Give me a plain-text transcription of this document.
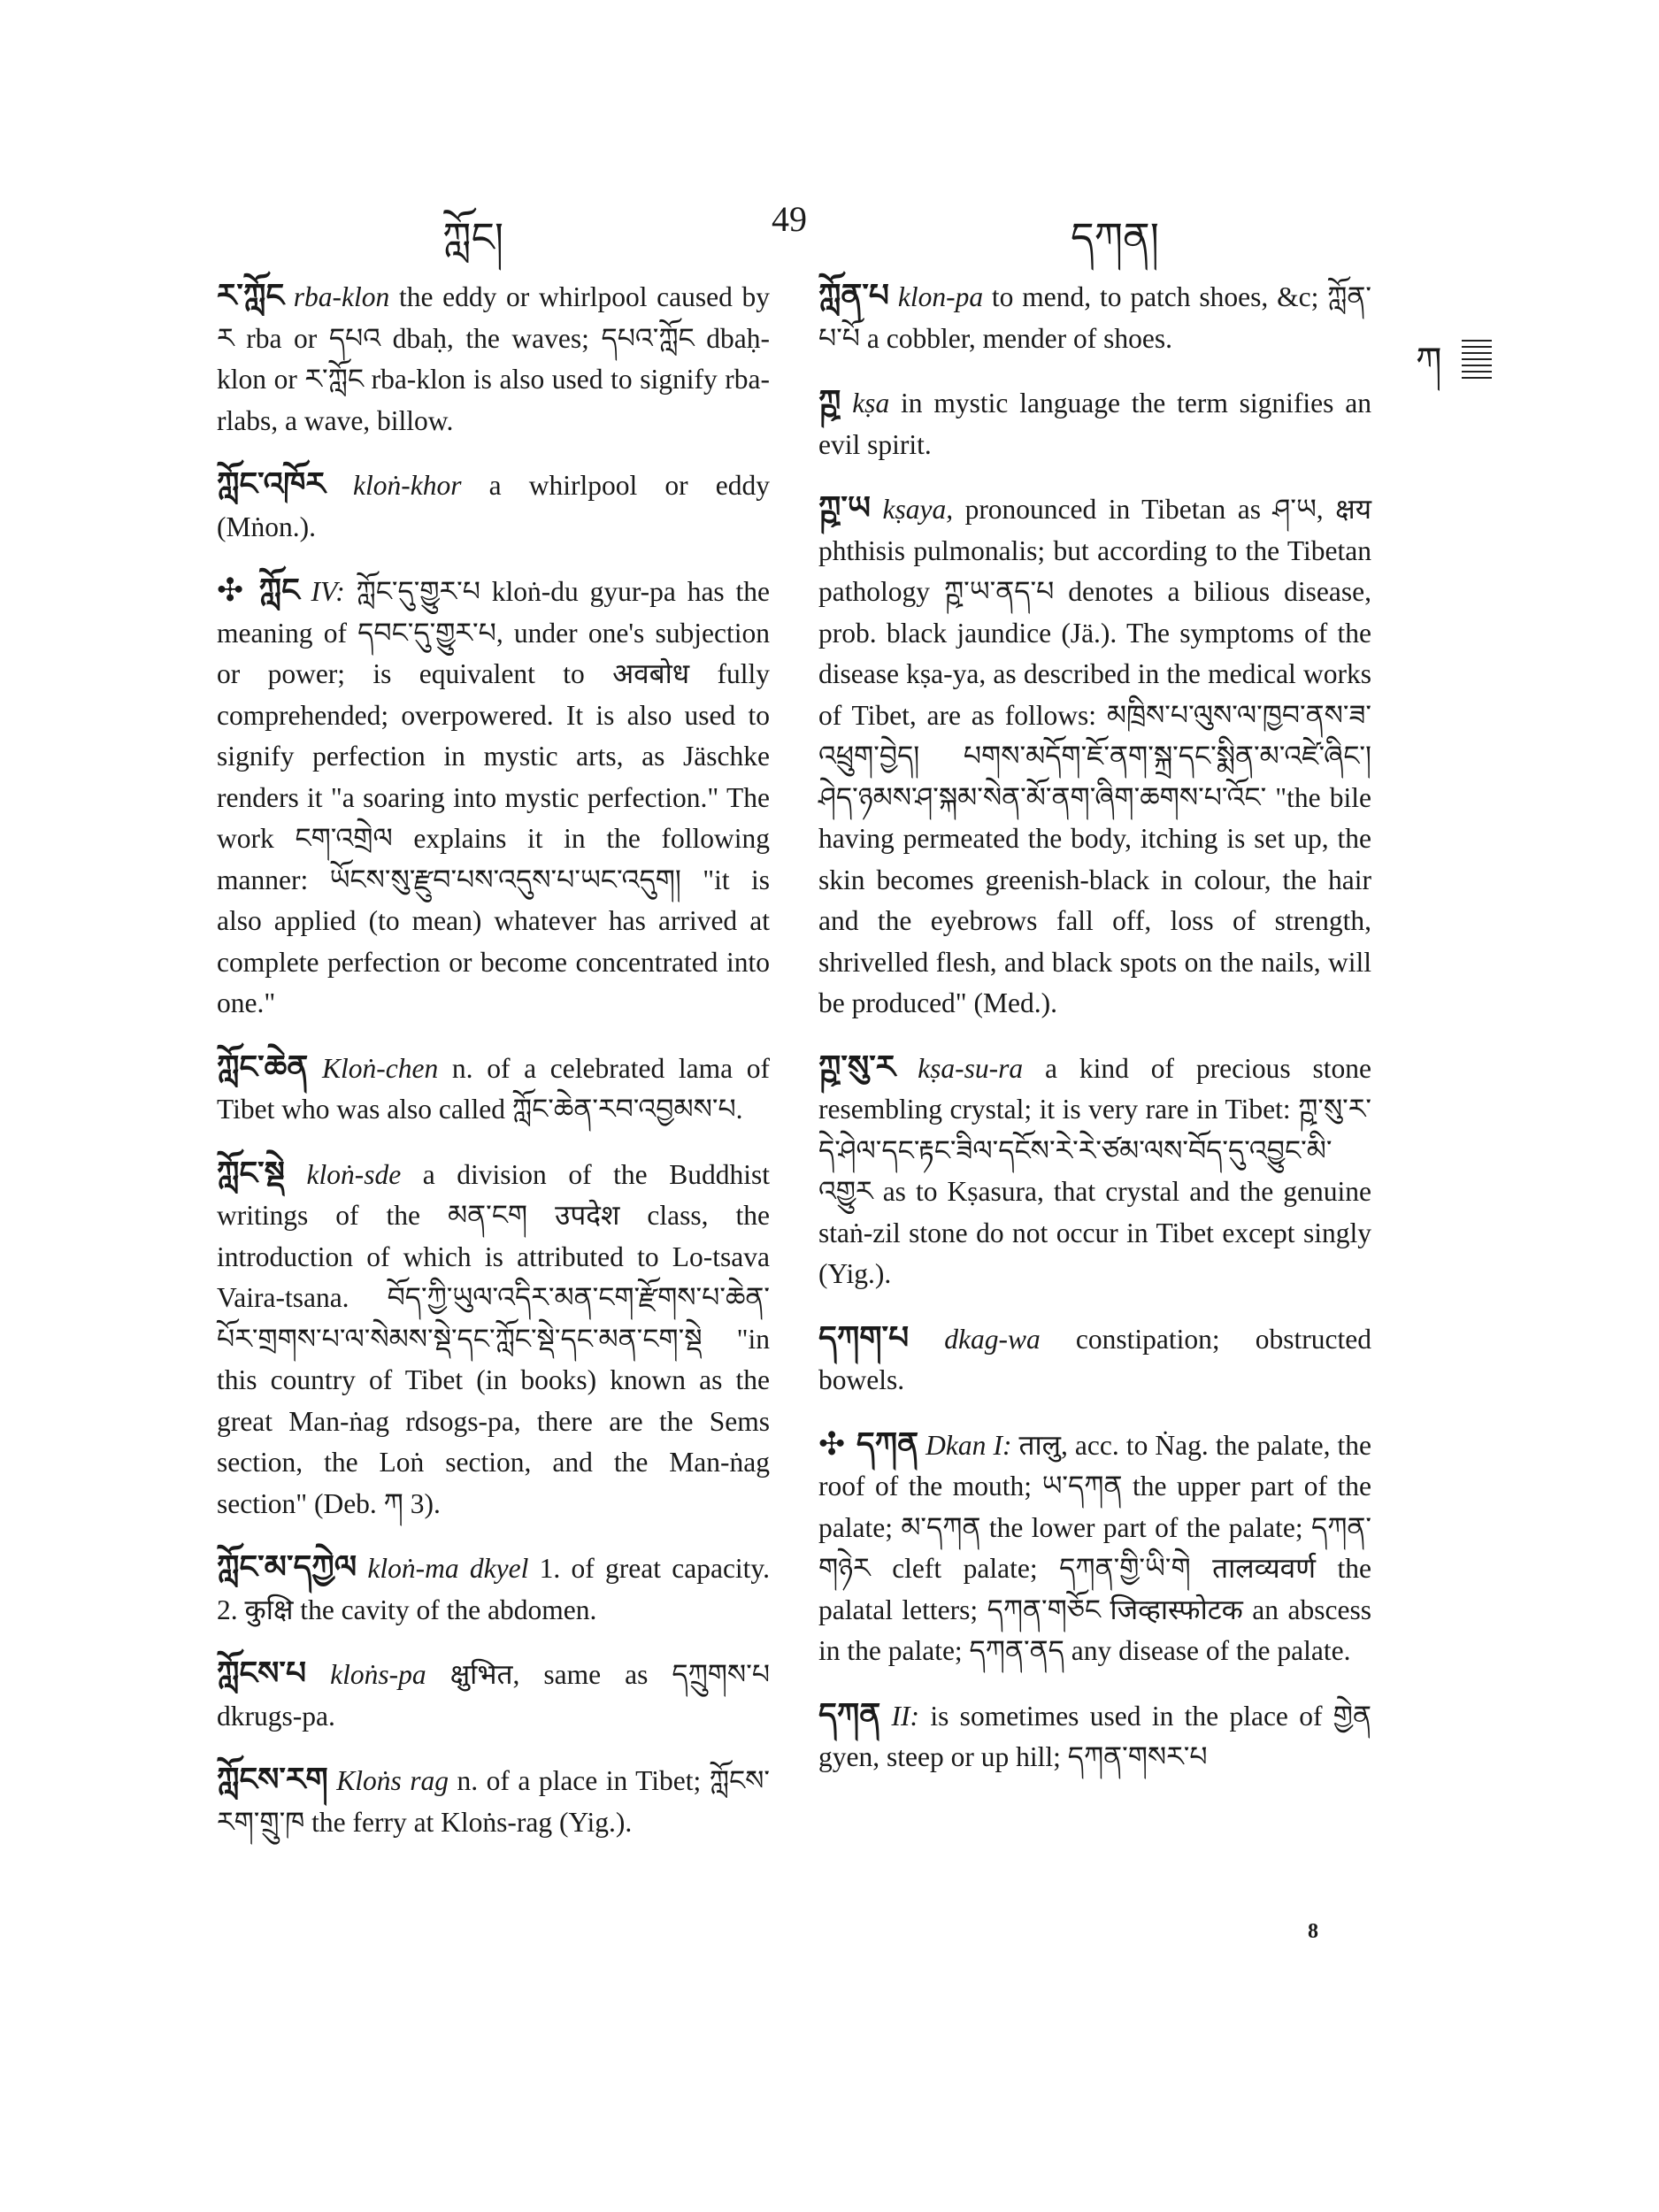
ཀློང།	49	དཀན།
ཀ

ཪ་ཀློང rba-klon the eddy or whirlpool caused by ཪ rba or དཔའ dbaḥ, the waves; དཔའ་ཀློང dbaḥ-klon or ཪ་ཀློང rba-klon is also used to signify rba-rlabs, a wave, billow.

ཀློང་འཁོར kloṅ-khor a whirlpool or eddy (Mṅon.).

✣ ཀློང IV: ཀློང་དུ་གྱུར་པ kloṅ-du gyur-pa has the meaning of དབང་དུ་གྱུར་པ, under one's subjection or power; is equivalent to अवबोध fully comprehended; overpowered. It is also used to signify perfection in mystic arts, as Jäschke renders it "a soaring into mystic perfection." The work ངག་འགྲེལ explains it in the following manner: ཡོངས་སུ་རྫུབ་པས་འདུས་པ་ཡང་འདུག། "it is also applied (to mean) whatever has arrived at complete perfection or become concentrated into one."

ཀློང་ཆེན Kloṅ-chen n. of a celebrated lama of Tibet who was also called ཀློང་ཆེན་རབ་འབྱམས་པ.

ཀློང་སྡེ kloṅ-sde a division of the Buddhist writings of the མན་ངག उपदेश class, the introduction of which is attributed to Lo-tsava Vaira-tsana. བོད་ཀྱི་ཡུལ་འདིར་མན་ངག་རྫོགས་པ་ཆེན་པོར་གྲགས་པ་ལ་སེམས་སྡེ་དང་ཀློང་སྡེ་དང་མན་ངག་སྡེ "in this country of Tibet (in books) known as the great Man-ṅag rdsogs-pa, there are the Sems section, the Loṅ section, and the Man-ṅag section" (Deb. ཀ 3).

ཀློང་མ་དཀྱེལ kloṅ-ma dkyel 1. of great capacity. 2. कुक्षि the cavity of the abdomen.

ཀློངས་པ kloṅs-pa क्षुभित, same as དཀྲུགས་པ dkrugs-pa.

ཀློངས་རག Kloṅs rag n. of a place in Tibet; ཀློངས་རག་གྲུ་ཁ the ferry at Kloṅs-rag (Yig.).

ཀློན་པ klon-pa to mend, to patch shoes, &c; ཀློན་པ་པོ a cobbler, mender of shoes.

ཀྵ kṣa in mystic language the term signifies an evil spirit.

ཀྵ་ཡ kṣaya, pronounced in Tibetan as ཤ་ཡ, क्षय phthisis pulmonalis; but according to the Tibetan pathology ཀྵ་ཡ་ནད་པ denotes a bilious disease, prob. black jaundice (Jä.). The symptoms of the disease kṣa-ya, as described in the medical works of Tibet, are as follows: མཁྲིས་པ་ལུས་ལ་ཁྱབ་ནས་ཟ་འཕྲུག་བྱེད། པགས་མདོག་ཇོ་ནག་སྐྲ་དང་སྨིན་མ་འཛེ་ཞིང་། ཤེད་ཉམས་ཤ་སྐམ་སེན་མོ་ནག་ཞིག་ཆགས་པ་འོང་ "the bile having permeated the body, itching is set up, the skin becomes greenish-black in colour, the hair and the eyebrows fall off, loss of strength, shrivelled flesh, and black spots on the nails, will be produced" (Med.).

ཀྵ་སུ་ར kṣa-su-ra a kind of precious stone resembling crystal; it is very rare in Tibet: ཀྵ་སུ་ར་དེ་ཤེལ་དང་རྟང་ཟིལ་དངོས་རེ་རེ་ཙམ་ལས་བོད་དུ་འབྱུང་མི་འགྱུར as to Kṣasura, that crystal and the genuine staṅ-zil stone do not occur in Tibet except singly (Yig.).

དཀག་པ dkag-wa constipation; obstructed bowels.

✣ དཀན Dkan I: तालु, acc. to Ṅag. the palate, the roof of the mouth; ཡ་དཀན the upper part of the palate; མ་དཀན the lower part of the palate; དཀན་གཉེར cleft palate; དཀན་གྱི་ཡི་གེ तालव्यवर्ण the palatal letters; དཀན་གཅོང जिव्हास्फोटक an abscess in the palate; དཀན་ནད any disease of the palate.

དཀན II: is sometimes used in the place of གྱེན gyen, steep or up hill; དཀན་གསར་པ

8
